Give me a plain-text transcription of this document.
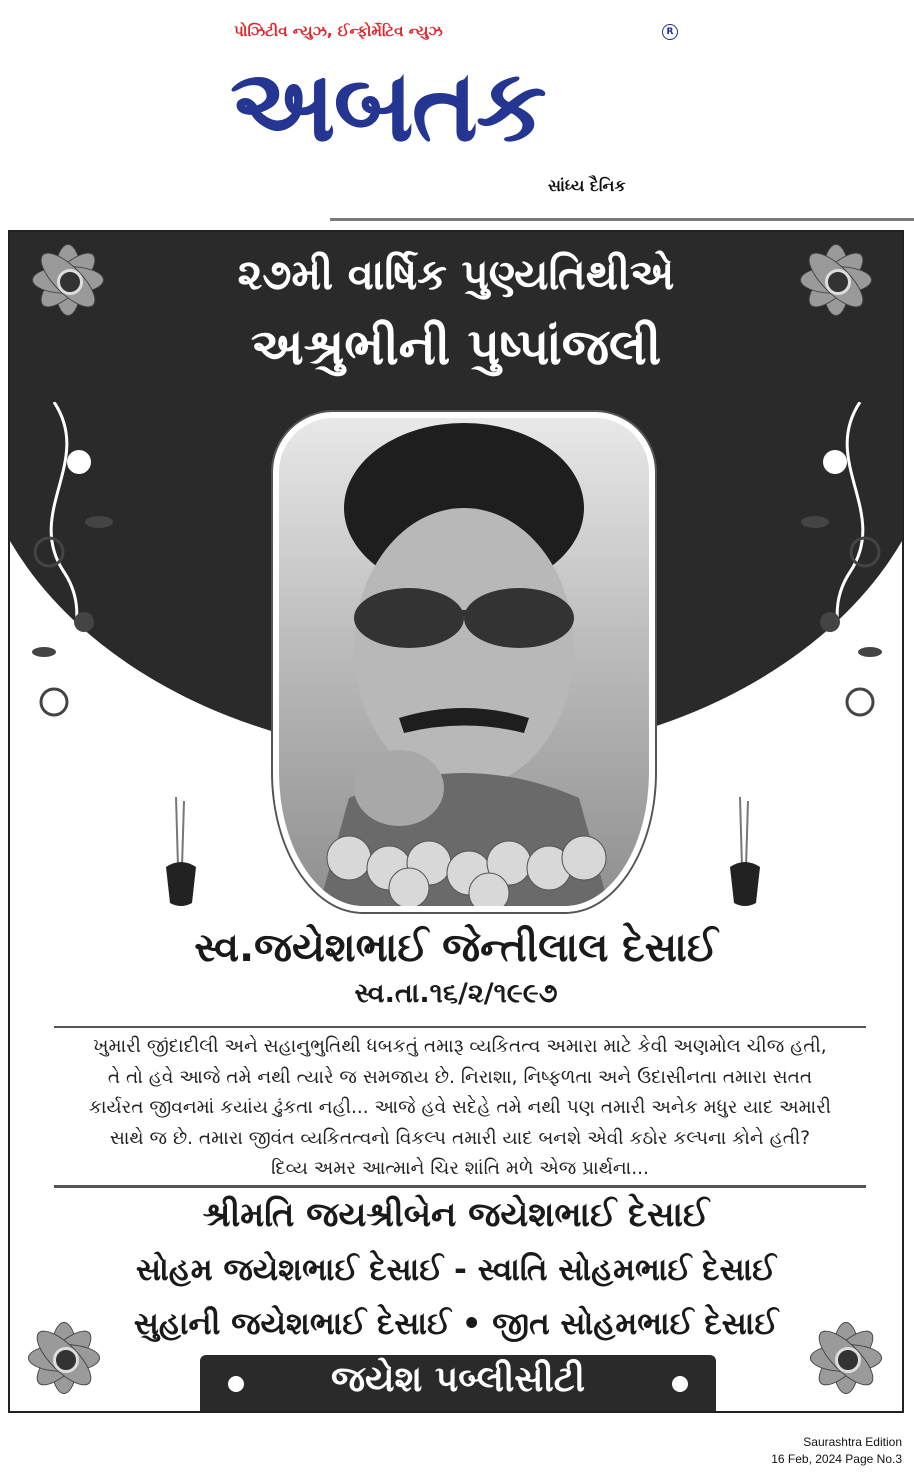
પોઝિટીવ ન્યુઝ, ઈન્ફોર્મેટિવ ન્યુઝ	R
અબતક
સાંધ્ય દૈનિક
૨૭મી વાર્ષિક પુણ્યતિથીએ
અશ્રુભીની પુષ્પાંજલી
સ્વ.જયેશભાઈ જેન્તીલાલ દેસાઈ
સ્વ.તા.૧૬/૨/૧૯૯૭
ખુમારી જીંદાદીલી અને સહાનુભુતિથી ધબકતું તમારૂ વ્યકિતત્વ અમારા માટે કેવી અણમોલ ચીજ હતી,
તે તો હવે આજે તમે નથી ત્યારે જ સમજાય છે. નિરાશા, નિષ્ફળતા અને ઉદાસીનતા તમારા સતત
કાર્યરત જીવનમાં કયાંય ઢુંકતા નહી... આજે હવે સદેહે તમે નથી પણ તમારી અનેક મધુર યાદ અમારી
સાથે જ છે. તમારા જીવંત વ્યકિતત્વનો વિકલ્પ તમારી યાદ બનશે એવી કઠોર કલ્પના કોને હતી?
દિવ્ય અમર આત્માને ચિર શાંતિ મળે એજ પ્રાર્થના...
શ્રીમતિ જયશ્રીબેન જયેશભાઈ દેસાઈ
સોહમ જયેશભાઈ દેસાઈ - સ્વાતિ સોહમભાઈ દેસાઈ
સુહાની જયેશભાઈ દેસાઈ • જીત સોહમભાઈ દેસાઈ
જયેશ પબ્લીસીટી
Saurashtra Edition
16 Feb, 2024 Page No.3
